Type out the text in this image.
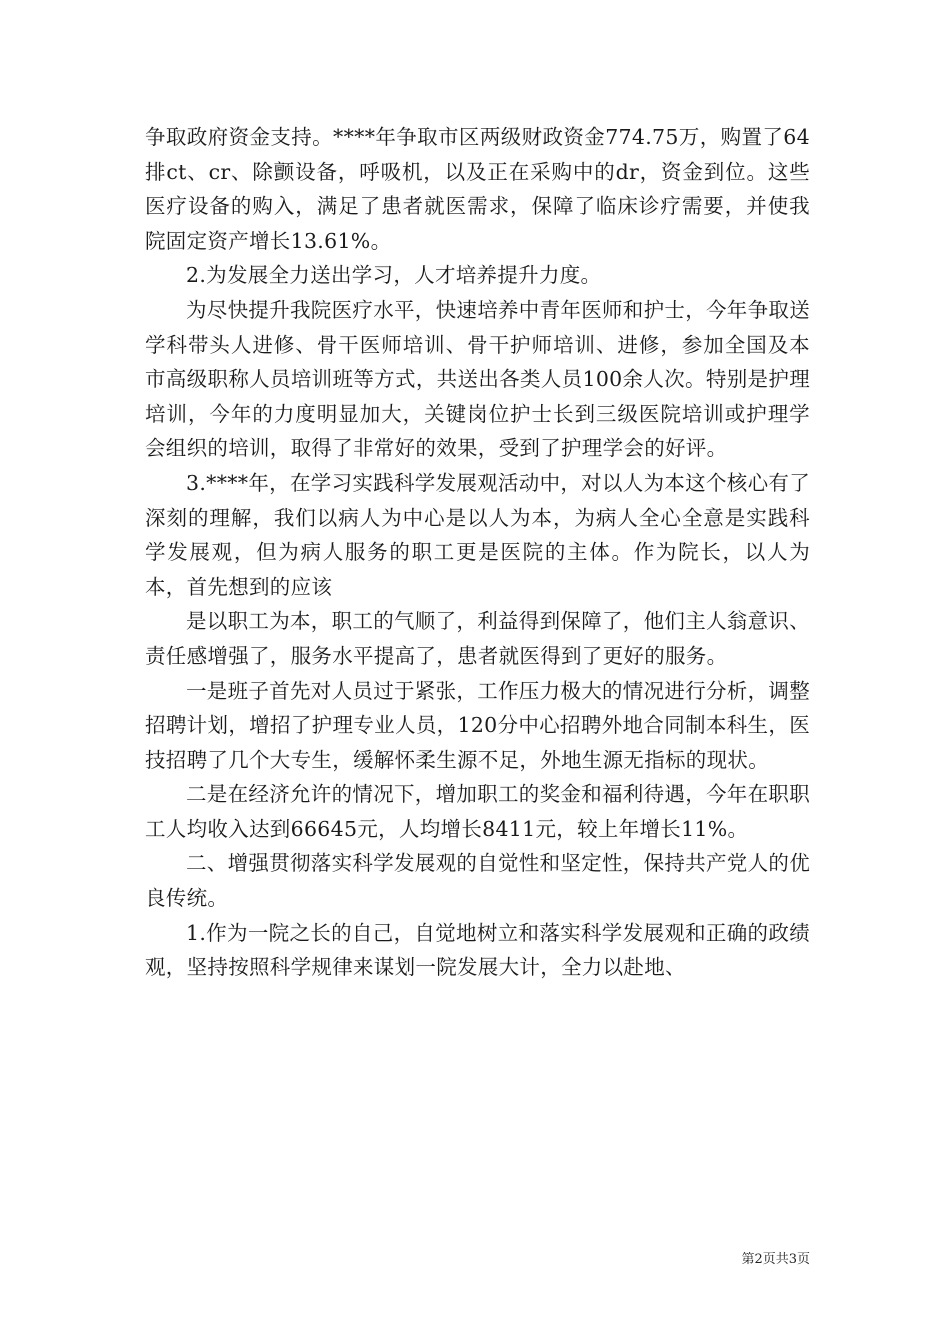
争取政府资金支持。****年争取市区两级财政资金774.75万，购置了64排ct、cr、除颤设备，呼吸机，以及正在采购中的dr，资金到位。这些医疗设备的购入，满足了患者就医需求，保障了临床诊疗需要，并使我院固定资产增长13.61%。

2.为发展全力送出学习，人才培养提升力度。

为尽快提升我院医疗水平，快速培养中青年医师和护士，今年争取送学科带头人进修、骨干医师培训、骨干护师培训、进修，参加全国及本市高级职称人员培训班等方式，共送出各类人员100余人次。特别是护理培训，今年的力度明显加大，关键岗位护士长到三级医院培训或护理学会组织的培训，取得了非常好的效果，受到了护理学会的好评。

3.****年，在学习实践科学发展观活动中，对以人为本这个核心有了深刻的理解，我们以病人为中心是以人为本，为病人全心全意是实践科学发展观，但为病人服务的职工更是医院的主体。作为院长，以人为本，首先想到的应该

是以职工为本，职工的气顺了，利益得到保障了，他们主人翁意识、责任感增强了，服务水平提高了，患者就医得到了更好的服务。

一是班子首先对人员过于紧张，工作压力极大的情况进行分析，调整招聘计划，增招了护理专业人员，120分中心招聘外地合同制本科生，医技招聘了几个大专生，缓解怀柔生源不足，外地生源无指标的现状。

二是在经济允许的情况下，增加职工的奖金和福利待遇，今年在职职工人均收入达到66645元，人均增长8411元，较上年增长11%。

二、增强贯彻落实科学发展观的自觉性和坚定性，保持共产党人的优良传统。

1.作为一院之长的自己，自觉地树立和落实科学发展观和正确的政绩观，坚持按照科学规律来谋划一院发展大计，全力以赴地、

第2页共3页
